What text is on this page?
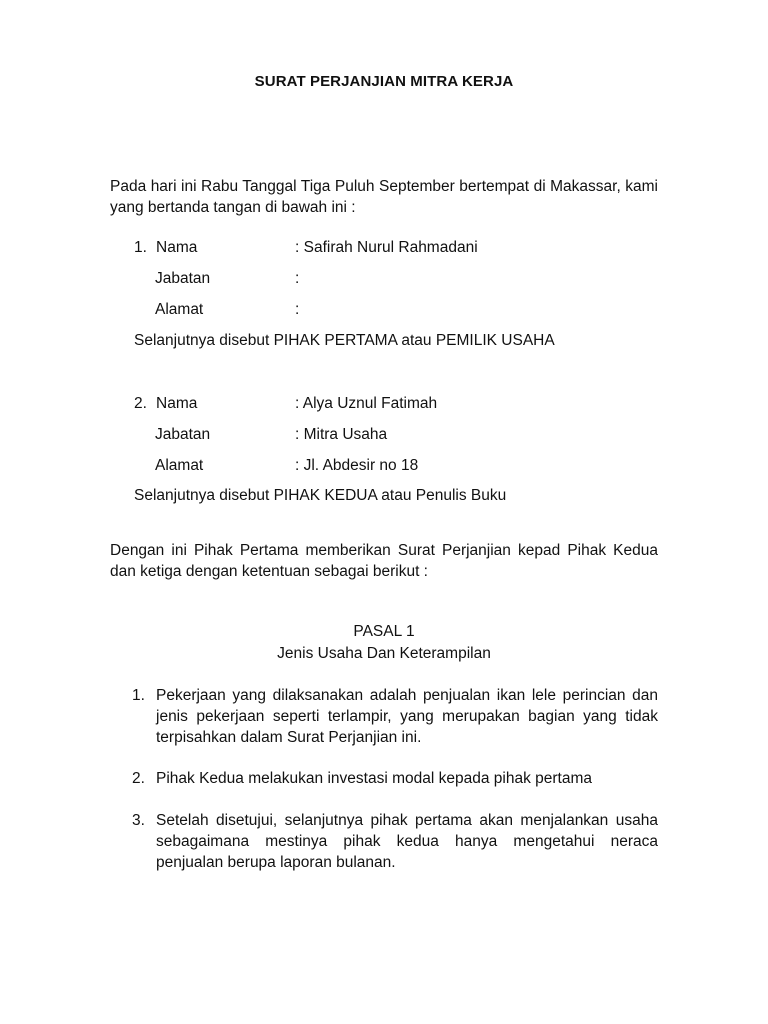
SURAT PERJANJIAN MITRA KERJA
Pada hari ini Rabu Tanggal Tiga Puluh September bertempat di Makassar, kami yang bertanda tangan di bawah ini :
1. Nama	: Safirah Nurul Rahmadani
Jabatan	:
Alamat	:
Selanjutnya disebut PIHAK PERTAMA atau PEMILIK USAHA
2. Nama	: Alya Uznul Fatimah
Jabatan	: Mitra Usaha
Alamat	: Jl. Abdesir no 18
Selanjutnya disebut PIHAK KEDUA atau Penulis Buku
Dengan ini Pihak Pertama memberikan Surat Perjanjian kepad Pihak Kedua dan ketiga dengan ketentuan sebagai berikut :
PASAL 1
Jenis Usaha Dan Keterampilan
1. Pekerjaan yang dilaksanakan adalah penjualan ikan lele perincian dan jenis pekerjaan seperti terlampir, yang merupakan bagian yang tidak terpisahkan dalam Surat Perjanjian ini.
2. Pihak Kedua melakukan investasi modal kepada pihak pertama
3. Setelah disetujui, selanjutnya pihak pertama akan menjalankan usaha sebagaimana mestinya pihak kedua hanya mengetahui neraca penjualan berupa laporan bulanan.
